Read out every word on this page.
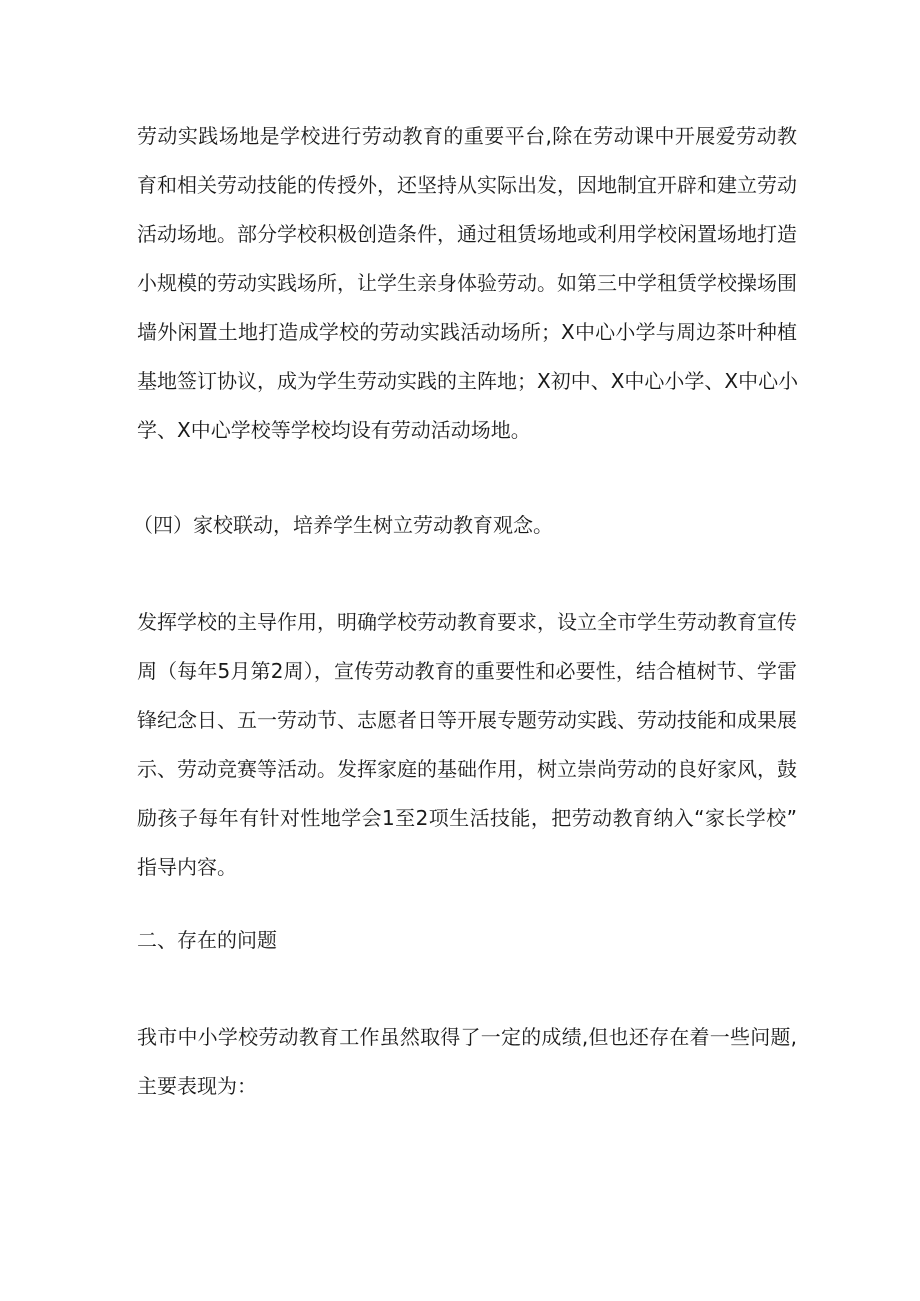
劳动实践场地是学校进行劳动教育的重要平台,除在劳动课中开展爱劳动教

育和相关劳动技能的传授外，还坚持从实际出发，因地制宜开辟和建立劳动

活动场地。部分学校积极创造条件，通过租赁场地或利用学校闲置场地打造

小规模的劳动实践场所，让学生亲身体验劳动。如第三中学租赁学校操场围

墙外闲置土地打造成学校的劳动实践活动场所；X中心小学与周边茶叶种植

基地签订协议，成为学生劳动实践的主阵地；X初中、X中心小学、X中心小

学、X中心学校等学校均设有劳动活动场地。

（四）家校联动，培养学生树立劳动教育观念。

发挥学校的主导作用，明确学校劳动教育要求，设立全市学生劳动教育宣传

周（每年5月第2周），宣传劳动教育的重要性和必要性，结合植树节、学雷

锋纪念日、五一劳动节、志愿者日等开展专题劳动实践、劳动技能和成果展

示、劳动竞赛等活动。发挥家庭的基础作用，树立崇尚劳动的良好家风，鼓

励孩子每年有针对性地学会1至2项生活技能，把劳动教育纳入“家长学校”

指导内容。

二、存在的问题

我市中小学校劳动教育工作虽然取得了一定的成绩,但也还存在着一些问题,

主要表现为：
